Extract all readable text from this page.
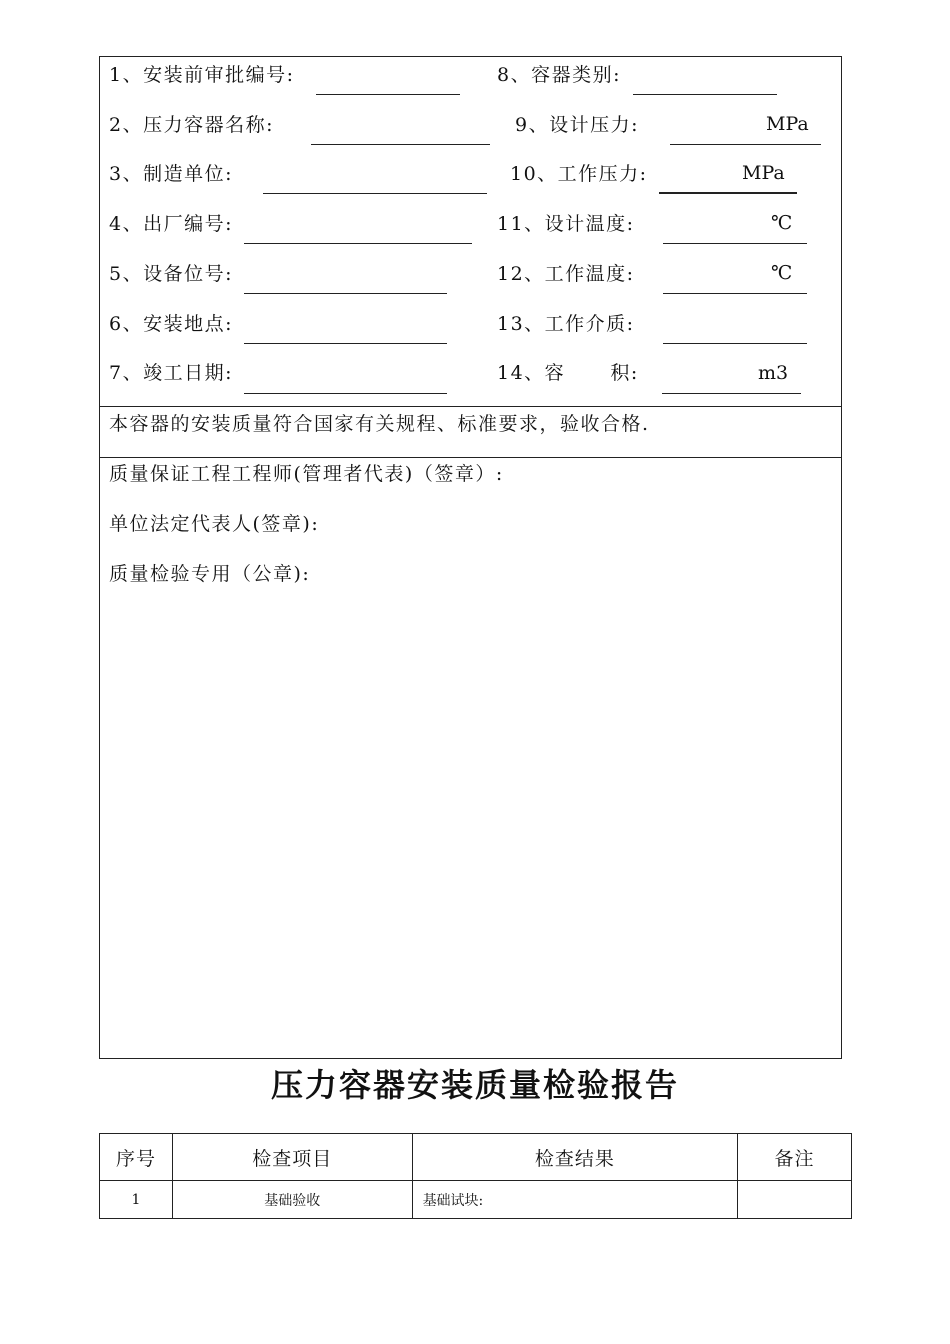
1、安装前审批编号:
2、压力容器名称:
3、制造单位:
4、出厂编号:
5、设备位号:
6、安装地点:
7、竣工日期:
8、容器类别:
9、设计压力:	MPa
10、工作压力:	MPa
11、设计温度:	℃
12、工作温度:	℃
13、工作介质:
14、容      积:	m3
本容器的安装质量符合国家有关规程、标准要求，验收合格.
质量保证工程工程师(管理者代表)（签章）:
单位法定代表人(签章):
质量检验专用（公章):
压力容器安装质量检验报告
序号	检查项目	检查结果	备注
1	基础验收	基础试块:	
